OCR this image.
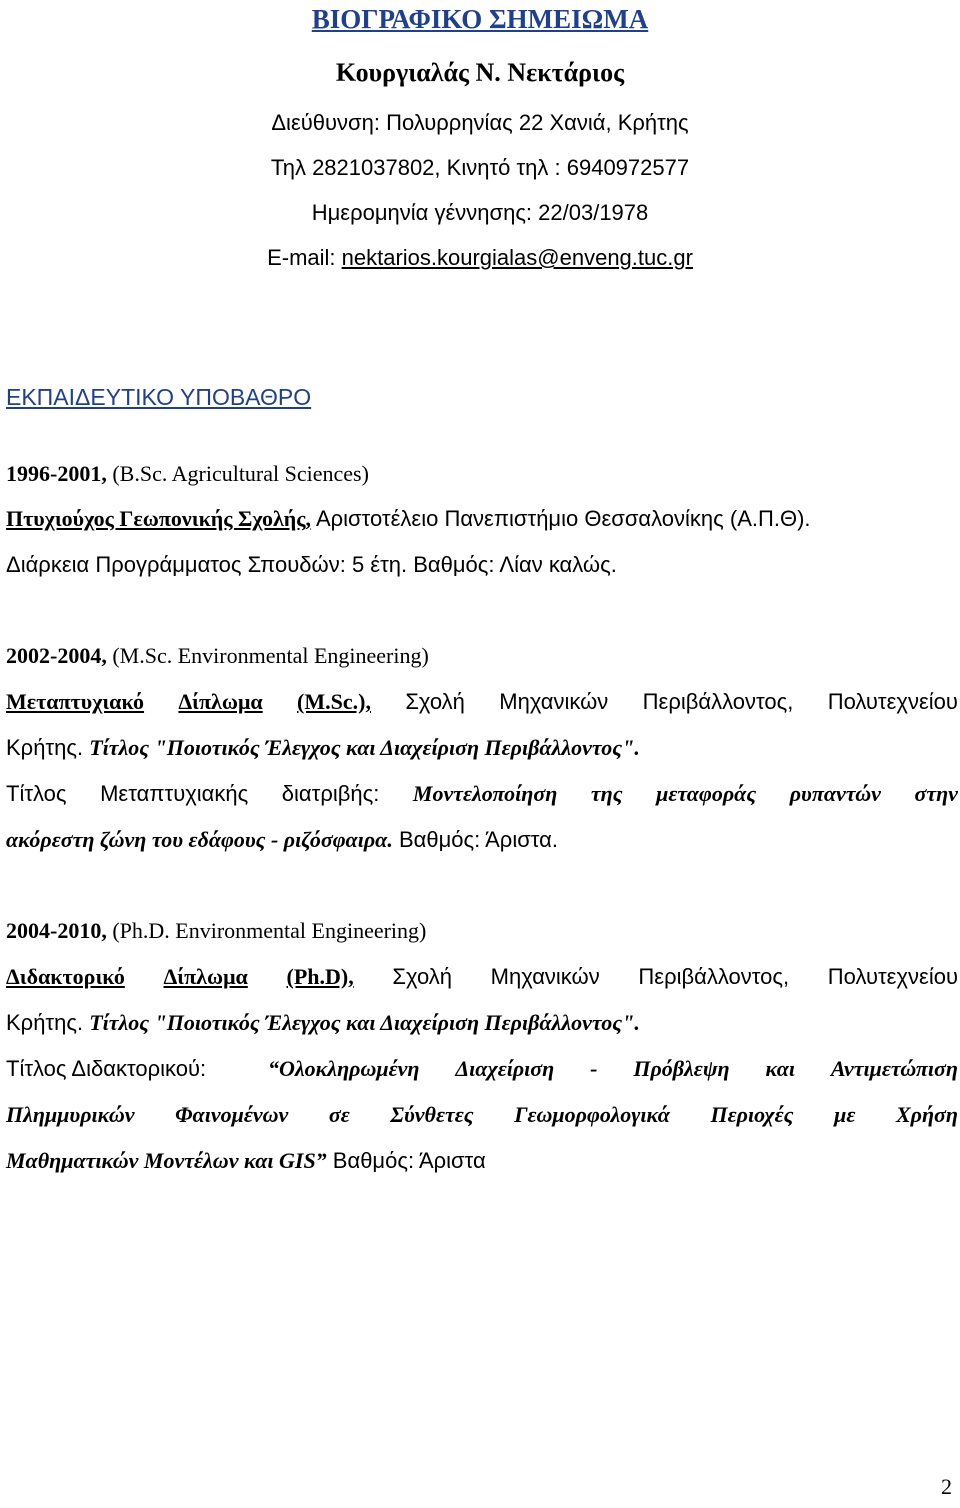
ΒΙΟΓΡΑΦΙΚΟ ΣΗΜΕΙΩΜΑ
Κουργιαλάς Ν. Νεκτάριος
Διεύθυνση: Πολυρρηνίας 22 Χανιά, Κρήτης
Τηλ 2821037802, Κινητό τηλ : 6940972577
Ημερομηνία γέννησης: 22/03/1978
E-mail: nektarios.kourgialas@enveng.tuc.gr
ΕΚΠΑΙΔΕΥΤΙΚΟ ΥΠΟΒΑΘΡΟ
1996-2001, (B.Sc. Agricultural Sciences)
Πτυχιούχος Γεωπονικής Σχολής, Αριστοτέλειο Πανεπιστήμιο Θεσσαλονίκης (Α.Π.Θ).
Διάρκεια Προγράμματος Σπουδών: 5 έτη. Βαθμός: Λίαν καλώς.
2002-2004, (M.Sc. Environmental Engineering)
Μεταπτυχιακό Δίπλωμα (M.Sc.), Σχολή Μηχανικών Περιβάλλοντος, Πολυτεχνείου
Κρήτης. Τίτλος "Ποιοτικός Έλεγχος και Διαχείριση Περιβάλλοντος".
Τίτλος Μεταπτυχιακής διατριβής: Μοντελοποίηση της μεταφοράς ρυπαντών στην
ακόρεστη ζώνη του εδάφους - ριζόσφαιρα. Βαθμός: Άριστα.
2004-2010, (Ph.D. Environmental Engineering)
Διδακτορικό Δίπλωμα (Ph.D), Σχολή Μηχανικών Περιβάλλοντος, Πολυτεχνείου
Κρήτης. Τίτλος "Ποιοτικός Έλεγχος και Διαχείριση Περιβάλλοντος".
Τίτλος Διδακτορικού:	“Ολοκληρωμένη Διαχείριση - Πρόβλεψη και Αντιμετώπιση
Πλημμυρικών Φαινομένων σε Σύνθετες Γεωμορφολογικά Περιοχές με Χρήση
Μαθηματικών Μοντέλων και GIS” Βαθμός: Άριστα
2
